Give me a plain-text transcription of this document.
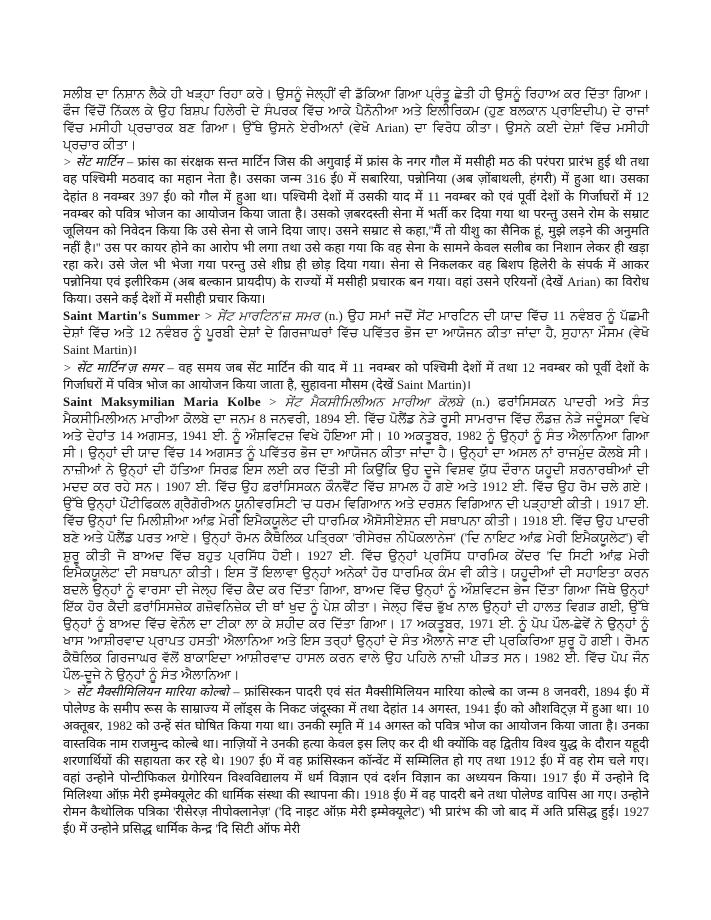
ਸਲੀਬ ਦਾ ਨਿਸ਼ਾਨ ਲੈਕੇ ਹੀ ਖੜ੍ਹਾ ਰਿਹਾ ਕਰੇ। ਉਸਨੂੰ ਜੇਲ੍ਹੀਂ ਵੀ ਡੱਕਿਆ ਗਿਆ ਪ੍ਰੰਤੂ ਛੇਤੀ ਹੀ ਉਸਨੂੰ ਰਿਹਾਅ ਕਰ ਦਿੱਤਾ ਗਿਆ। ਫੌਜ ਵਿੱਚੋਂ ਨਿੱਕਲ ਕੇ ਉਹ ਬਿਸ਼ਪ ਹਿਲੇਰੀ ਦੇ ਸੰਪਰਕ ਵਿੱਚ ਆਕੇ ਪੈਨੋਨੀਆ ਅਤੇ ਇਲੀਰਿਕਮ (ਹੁਣ ਬਲਕਾਨ ਪ੍ਰਾਇਦੀਪ) ਦੇ ਰਾਜਾਂ ਵਿੱਚ ਮਸੀਹੀ ਪ੍ਰਚਾਰਕ ਬਣ ਗਿਆ। ਉੱਥੇ ਉਸਨੇ ਏਰੀਅਨਾਂ (ਵੇਖੋ Arian) ਦਾ ਵਿਰੋਧ ਕੀਤਾ। ਉਸਨੇ ਕਈ ਦੇਸ਼ਾਂ ਵਿੱਚ ਮਸੀਹੀ ਪ੍ਰਚਾਰ ਕੀਤਾ।

> सेंट मार्टिन – फ्रांस का संरक्षक सन्त मार्टिन जिस की अगुवाई में फ्रांस के नगर गौल में मसीही मठ की परंपरा प्रारंभ हुई थी तथा वह पश्चिमी मठवाद का महान नेता है। उसका जन्म 316 ई0 में सबारिया, पन्नोनिया (अब ज़ोंबाथली, हंगरी) में हुआ था। उसका देहांत 8 नवम्बर 397 ई0 को गौल में हुआ था। पश्चिमी देशों में उसकी याद में 11 नवम्बर को एवं पूर्वी देशों के गिर्जाघरों में 12 नवम्बर को पवित्र भोजन का आयोजन किया जाता है। उसको ज़बरदस्ती सेना में भर्ती कर दिया गया था परन्तु उसने रोम के सम्राट जूलियन को निवेदन किया कि उसे सेना से जाने दिया जाए। उसने सम्राट से कहा,''मैं तो यीशु का सैनिक हूं, मुझे लड़ने की अनुमति नहीं है।'' उस पर कायर होने का आरोप भी लगा तथा उसे कहा गया कि वह सेना के सामने केवल सलीब का निशान लेकर ही खड़ा रहा करे। उसे जेल भी भेजा गया परन्तु उसे शीघ्र ही छोड़ दिया गया। सेना से निकलकर वह बिशप हिलेरी के संपर्क में आकर पन्नोनिया एवं इलीरिकम (अब बल्कान प्रायदीप) के राज्यों में मसीही प्रचारक बन गया। वहां उसने एरियनों (देखें Arian) का विरोध किया। उसने कई देशों में मसीही प्रचार किया।

Saint Martin's Summer > ਸੇਂਟ ਮਾਰਟਿਨ'ਜ਼ ਸਮਰ (n.) ਉਹ ਸਮਾਂ ਜਦੋਂ ਸੇਂਟ ਮਾਰਟਿਨ ਦੀ ਯਾਦ ਵਿੱਚ 11 ਨਵੰਬਰ ਨੂੰ ਪੱਛਮੀ ਦੇਸ਼ਾਂ ਵਿੱਚ ਅਤੇ 12 ਨਵੰਬਰ ਨੂੰ ਪੂਰਬੀ ਦੇਸ਼ਾਂ ਦੇ ਗਿਰਜਾਘਰਾਂ ਵਿੱਚ ਪਵਿੱਤਰ ਭੋਜ ਦਾ ਆਯੋਜਨ ਕੀਤਾ ਜਾਂਦਾ ਹੈ, ਸੁਹਾਨਾ ਮੌਸਮ (ਵੇਖੋ Saint Martin)।

> सेंट मार्टिन'ज़ समर – वह समय जब सेंट मार्टिन की याद में 11 नवम्बर को पश्चिमी देशों में तथा 12 नवम्बर को पूर्वी देशों के गिर्जाघरों में पवित्र भोज का आयोजन किया जाता है, सुहावना मौसम (देखें Saint Martin)।

Saint Maksymilian Maria Kolbe > ਸੇਂਟ ਮੈਕਸੀਮਿਲੀਅਨ ਮਾਰੀਆ ਕੋਲਬੇ (n.) ਫਰਾਂਸਿਸਕਨ ਪਾਦਰੀ ਅਤੇ ਸੰਤ ਮੈਕਸੀਮਿਲੀਅਨ ਮਾਰੀਆ ਕੋਲਬੇ ਦਾ ਜਨਮ 8 ਜਨਵਰੀ, 1894 ਈ. ਵਿੱਚ ਪੋਲੈਂਡ ਨੇੜੇ ਰੂਸੀ ਸਾਮਰਾਜ ਵਿੱਚ ਲੌਡਜ਼ ਨੇੜੇ ਜਦੂੰਸਕਾ ਵਿਖੇ ਅਤੇ ਦੇਹਾਂਤ 14 ਅਗਸਤ, 1941 ਈ. ਨੂੰ ਔਸ਼ਵਿਟਜ਼ ਵਿਖੇ ਹੋਇਆ ਸੀ। 10 ਅਕਤੂਬਰ, 1982 ਨੂੰ ਉਨ੍ਹਾਂ ਨੂੰ ਸੰਤ ਐਲਾਨਿਆ ਗਿਆ ਸੀ। ਉਨ੍ਹਾਂ ਦੀ ਯਾਦ ਵਿੱਚ 14 ਅਗਸਤ ਨੂੰ ਪਵਿੱਤਰ ਭੋਜ ਦਾ ਆਯੋਜਨ ਕੀਤਾ ਜਾਂਦਾ ਹੈ। ਉਨ੍ਹਾਂ ਦਾ ਅਸਲ ਨਾਂ ਰਾਜਮੁੰਦ ਕੋਲਬੇ ਸੀ। ਨਾਜ਼ੀਆਂ ਨੇ ਉਨ੍ਹਾਂ ਦੀ ਹੱਤਿਆ ਸਿਰਫ਼ ਇਸ ਲਈ ਕਰ ਦਿੱਤੀ ਸੀ ਕਿਉਂਕਿ ਉਹ ਦੂਜੇ ਵਿਸ਼ਵ ਯੁੱਧ ਦੌਰਾਨ ਯਹੂਦੀ ਸ਼ਰਨਾਰਥੀਆਂ ਦੀ ਮਦਦ ਕਰ ਰਹੇ ਸਨ। 1907 ਈ. ਵਿੱਚ ਉਹ ਫ਼ਰਾਂਸਿਸਕਨ ਕੌਨਵੈਂਟ ਵਿੱਚ ਸ਼ਾਮਲ ਹੋ ਗਏ ਅਤੇ 1912 ਈ. ਵਿੱਚ ਉਹ ਰੋਮ ਚਲੇ ਗਏ। ਉੱਥੇ ਉਨ੍ਹਾਂ ਪੌਂਟੀਫਿਕਲ ਗ੍ਰੈਗੋਰੀਅਨ ਯੂਨੀਵਰਸਿਟੀ 'ਚ ਧਰਮ ਵਿਗਿਆਨ ਅਤੇ ਦਰਸ਼ਨ ਵਿਗਿਆਨ ਦੀ ਪੜ੍ਹਾਈ ਕੀਤੀ। 1917 ਈ. ਵਿੱਚ ਉਨ੍ਹਾਂ ਦਿ ਮਿਲੀਸ਼ੀਆ ਆਂਫ਼ ਮੇਰੀ ਇਮੈਕਯੂਲੇਟ ਦੀ ਧਾਰਮਿਕ ਐਸੋਸੀਏਸ਼ਨ ਦੀ ਸਥਾਪਨਾ ਕੀਤੀ। 1918 ਈ. ਵਿੱਚ ਉਹ ਪਾਦਰੀ ਬਣੇ ਅਤੇ ਪੋਲੈਂਡ ਪਰਤ ਆਏ। ਉਨ੍ਹਾਂ ਰੋਮਨ ਕੈਥੋਲਿਕ ਪਤ੍ਰਿਕਾ 'ਰੀਸੇਰਜ਼ ਨੀਪੋਕਲਾਨੇਜ' ('ਦਿ ਨਾਇਟ ਆਂਫ਼ ਮੇਰੀ ਇਮੈਕਯੂਲੇਟ') ਵੀ ਸ਼ੁਰੂ ਕੀਤੀ ਜੋ ਬਾਅਦ ਵਿੱਚ ਬਹੁਤ ਪ੍ਰਸਿੱਧ ਹੋਈ। 1927 ਈ. ਵਿੱਚ ਉਨ੍ਹਾਂ ਪ੍ਰਸਿੱਧ ਧਾਰਮਿਕ ਕੇਂਦਰ 'ਦਿ ਸਿਟੀ ਆਂਫ਼ ਮੇਰੀ ਇਮੈਕਯੂਲੇਟ' ਦੀ ਸਥਾਪਨਾ ਕੀਤੀ। ਇਸ ਤੋਂ ਇਲਾਵਾ ਉਨ੍ਹਾਂ ਅਨੇਕਾਂ ਹੋਰ ਧਾਰਮਿਕ ਕੰਮ ਵੀ ਕੀਤੇ। ਯਹੂਦੀਆਂ ਦੀ ਸਹਾਇਤਾ ਕਰਨ ਬਦਲੇ ਉਨ੍ਹਾਂ ਨੂੰ ਵਾਰਸਾ ਦੀ ਜੇਲ੍ਹ ਵਿੱਚ ਕੈਦ ਕਰ ਦਿੱਤਾ ਗਿਆ, ਬਾਅਦ ਵਿੱਚ ਉਨ੍ਹਾਂ ਨੂੰ ਔਸ਼ਵਿਟਜ ਭੇਜ ਦਿੱਤਾ ਗਿਆ ਜਿੱਥੇ ਉਨ੍ਹਾਂ ਇੱਕ ਹੋਰ ਕੈਦੀ ਫ਼ਰਾਂਸਿਸਜ਼ੇਕ ਗਜ਼ੋਵਨਿਜ਼ੇਕ ਦੀ ਥਾਂ ਖੁਦ ਨੂੰ ਪੇਸ਼ ਕੀਤਾ। ਜੇਲ੍ਹ ਵਿੱਚ ਭੁੱਖ ਨਾਲ ਉਨ੍ਹਾਂ ਦੀ ਹਾਲਤ ਵਿਗੜ ਗਈ, ਉੱਥੇ ਉਨ੍ਹਾਂ ਨੂੰ ਬਾਅਦ ਵਿੱਚ ਵੇਨੌਲ ਦਾ ਟੀਕਾ ਲਾ ਕੇ ਸ਼ਹੀਦ ਕਰ ਦਿੱਤਾ ਗਿਆ। 17 ਅਕਤੂਬਰ, 1971 ਈ. ਨੂੰ ਪੋਪ ਪੌਲ-ਛੇਵੇਂ ਨੇ ਉਨ੍ਹਾਂ ਨੂੰ ਖਾਸ 'ਆਸ਼ੀਰਵਾਦ ਪ੍ਰਾਪਤ ਹਸਤੀ' ਐਲਾਨਿਆ ਅਤੇ ਇਸ ਤਰ੍ਹਾਂ ਉਨ੍ਹਾਂ ਦੇ ਸੰਤ ਐਲਾਨੇ ਜਾਣ ਦੀ ਪ੍ਰਕਿਰਿਆ ਸ਼ੁਰੂ ਹੋ ਗਈ। ਰੋਮਨ ਕੈਥੋਲਿਕ ਗਿਰਜਾਘਰ ਵੱਲੋਂ ਬਾਕਾਇਦਾ ਆਸ਼ੀਰਵਾਦ ਹਾਸਲ ਕਰਨ ਵਾਲੇ ਉਹ ਪਹਿਲੇ ਨਾਜ਼ੀ ਪੀੜਤ ਸਨ। 1982 ਈ. ਵਿੱਚ ਪੋਪ ਜੌਨ ਪੌਲ-ਦੂਜੇ ਨੇ ਉਨ੍ਹਾਂ ਨੂੰ ਸੰਤ ਐਲਾਨਿਆ।

> सेंट मैक्सीमिलियन मारिया कोल्बो – फ्रांसिस्कन पादरी एवं संत मैक्सीमिलियन मारिया कोल्बे का जन्म 8 जनवरी, 1894 ई0 में पोलेण्ड के समीप रूस के साम्राज्य में लॉड्स के निकट जंदूस्का में तथा देहांत 14 अगस्त, 1941 ई0 को औशविट्ज़ में हुआ था। 10 अक्तूबर, 1982 को उन्हें संत घोषित किया गया था। उनकी स्मृति में 14 अगस्त को पवित्र भोज का आयोजन किया जाता है। उनका वास्तविक नाम राजमुन्द कोल्बे था। नाज़ियों ने उनकी हत्या केवल इस लिए कर दी थी क्योंकि वह द्वितीय विश्व युद्ध के दौरान यहूदी शरणार्थियों की सहायता कर रहे थे। 1907 ई0 में वह फ्रांसिस्कन कॉन्वेंट में सम्मिलित हो गए तथा 1912 ई0 में वह रोम चले गए। वहां उन्होने पोन्टीफिकल ग्रेगोरियन विश्वविद्यालय में धर्म विज्ञान एवं दर्शन विज्ञान का अध्ययन किया। 1917 ई0 में उन्होने दि मिलिश्या ऑफ़ मेरी इम्मेक्यूलेट की धार्मिक संस्था की स्थापना की। 1918 ई0 में वह पादरी बने तथा पोलेण्ड वापिस आ गए। उन्होने रोमन कैथोलिक पत्रिका 'रीसेरज़ नीपोक्लानेज़' ('दि नाइट ऑफ़ मेरी इम्मेक्यूलेट') भी प्रारंभ की जो बाद में अति प्रसिद्ध हुई। 1927 ई0 में उन्होने प्रसिद्ध धार्मिक केन्द्र 'दि सिटी ऑफ मेरी
